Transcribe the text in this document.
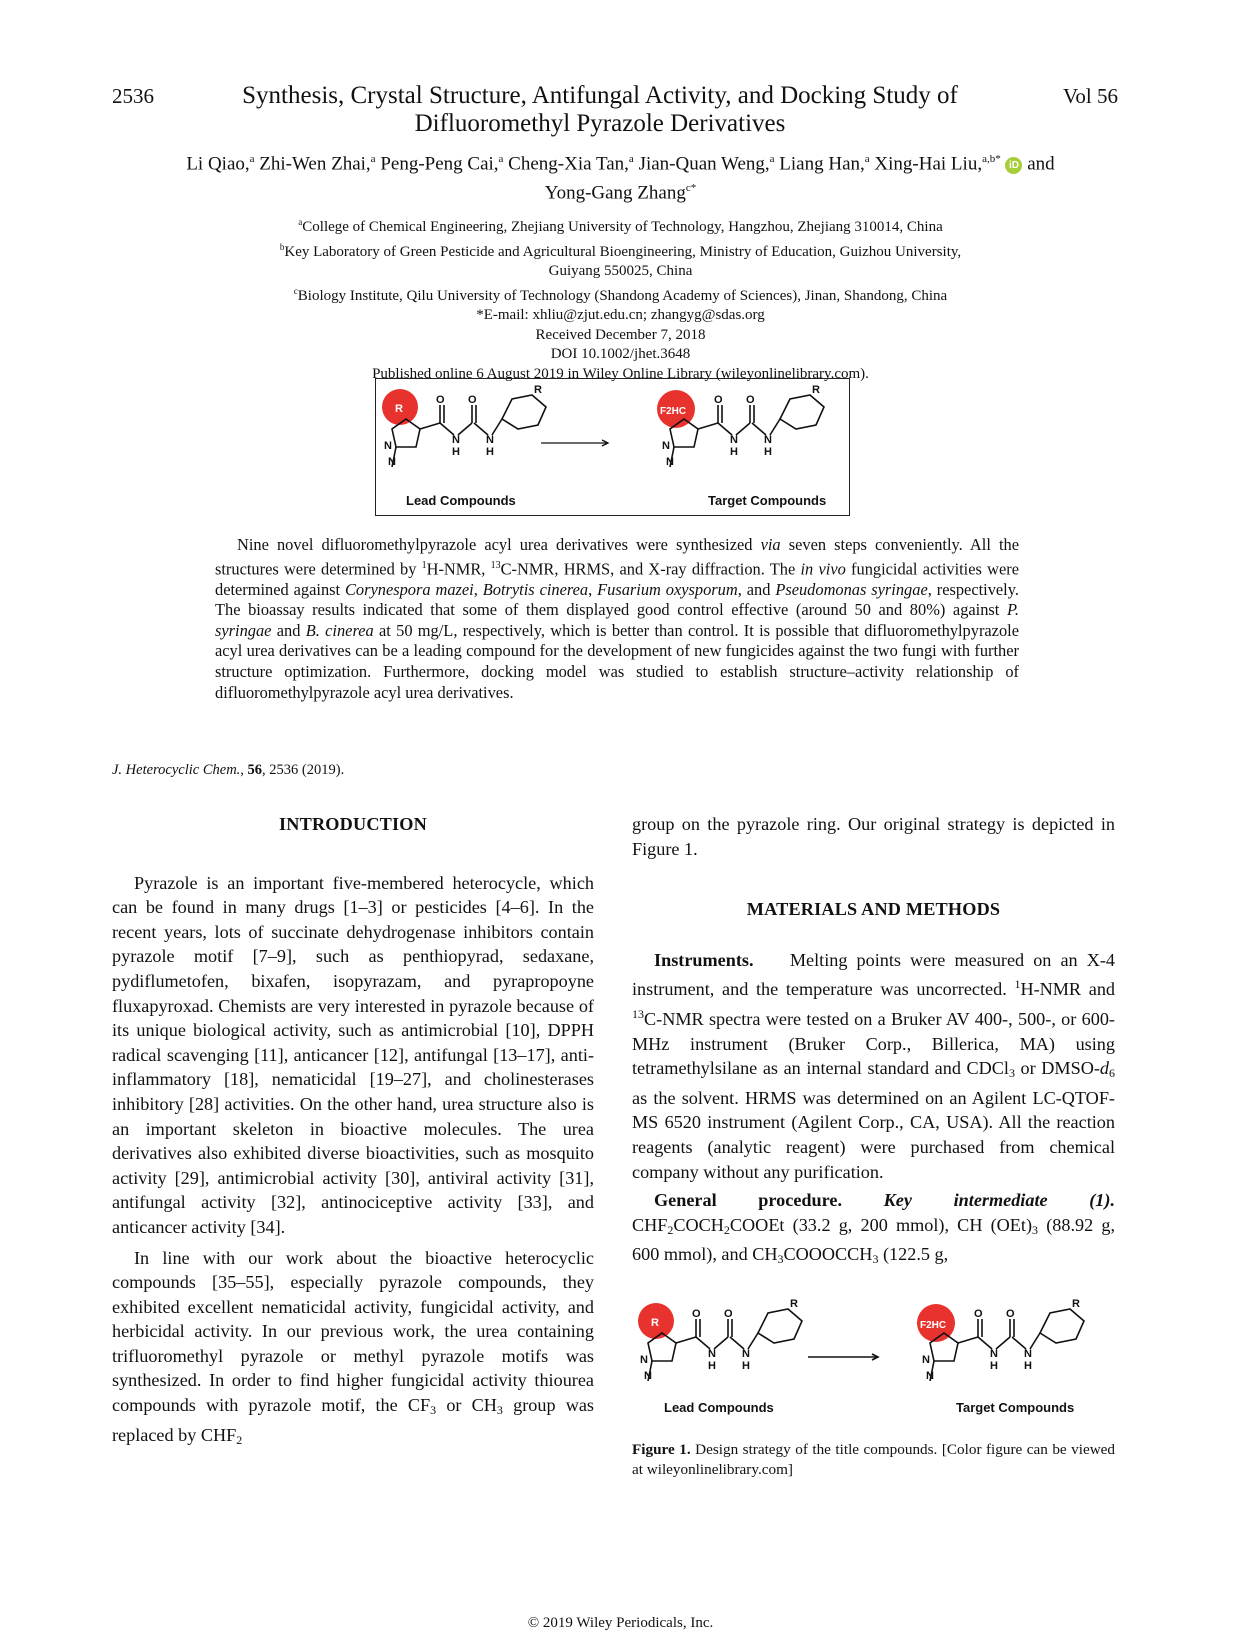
2536	Vol 56
Synthesis, Crystal Structure, Antifungal Activity, and Docking Study of Difluoromethyl Pyrazole Derivatives
Li Qiao,$^a$ Zhi-Wen Zhai,$^a$ Peng-Peng Cai,$^a$ Cheng-Xia Tan,$^a$ Jian-Quan Weng,$^a$ Liang Han,$^a$ Xing-Hai Liu,$^{a,b*}$ iD and
Yong-Gang Zhang$^{c*}$
$^a$College of Chemical Engineering, Zhejiang University of Technology, Hangzhou, Zhejiang 310014, China
$^b$Key Laboratory of Green Pesticide and Agricultural Bioengineering, Ministry of Education, Guizhou University,
Guiyang 550025, China
$^c$Biology Institute, Qilu University of Technology (Shandong Academy of Sciences), Jinan, Shandong, China
*E-mail: xhliu@zjut.edu.cn; zhangyg@sdas.org
Received December 7, 2018
DOI 10.1002/jhet.3648
Published online 6 August 2019 in Wiley Online Library (wileyonlinelibrary.com).
R
R
N
N
O O
N
H
N
H
F2HC
R
N
N
O O
N
H
N
H
Lead Compounds	Target Compounds

Nine novel difluoromethylpyrazole acyl urea derivatives were synthesized via seven steps conveniently. All the structures were determined by $^1$H-NMR, $^{13}$C-NMR, HRMS, and X-ray diffraction. The in vivo fungicidal activities were determined against Corynespora mazei, Botrytis cinerea, Fusarium oxysporum, and Pseudomonas syringae, respectively. The bioassay results indicated that some of them displayed good control effective (around 50 and 80%) against P. syringae and B. cinerea at 50 mg/L, respectively, which is better than control. It is possible that difluoromethylpyrazole acyl urea derivatives can be a leading compound for the development of new fungicides against the two fungi with further structure optimization. Furthermore, docking model was studied to establish structure–activity relationship of difluoromethylpyrazole acyl urea derivatives.

J. Heterocyclic Chem., 56, 2536 (2019).
INTRODUCTION

Pyrazole is an important five-membered heterocycle, which can be found in many drugs [1–3] or pesticides [4–6]. In the recent years, lots of succinate dehydrogenase inhibitors contain pyrazole motif [7–9], such as penthiopyrad, sedaxane, pydiflumetofen, bixafen, isopyrazam, and pyrapropoyne fluxapyroxad. Chemists are very interested in pyrazole because of its unique biological activity, such as antimicrobial [10], DPPH radical scavenging [11], anticancer [12], antifungal [13–17], anti-inflammatory [18], nematicidal [19–27], and cholinesterases inhibitory [28] activities. On the other hand, urea structure also is an important skeleton in bioactive molecules. The urea derivatives also exhibited diverse bioactivities, such as mosquito activity [29], antimicrobial activity [30], antiviral activity [31], antifungal activity [32], antinociceptive activity [33], and anticancer activity [34].

In line with our work about the bioactive heterocyclic compounds [35–55], especially pyrazole compounds, they exhibited excellent nematicidal activity, fungicidal activity, and herbicidal activity. In our previous work, the urea containing trifluoromethyl pyrazole or methyl pyrazole motifs was synthesized. In order to find higher fungicidal activity thiourea compounds with pyrazole motif, the $CF_3$ or $CH_3$ group was replaced by $CHF_2$

group on the pyrazole ring. Our original strategy is depicted in Figure 1.

MATERIALS AND METHODS

Instruments. Melting points were measured on an X-4 instrument, and the temperature was uncorrected. $^1$H-NMR and $^{13}$C-NMR spectra were tested on a Bruker AV 400-, 500-, or 600-MHz instrument (Bruker Corp., Billerica, MA) using tetramethylsilane as an internal standard and CDCl$_3$ or DMSO-$d_6$ as the solvent. HRMS was determined on an Agilent LC-QTOF-MS 6520 instrument (Agilent Corp., CA, USA). All the reaction reagents (analytic reagent) were purchased from chemical company without any purification.

General procedure. Key intermediate (1). $CHF_2COCH_2COOEt$ (33.2 g, 200 mmol), CH $(OEt)_3$ (88.92 g, 600 mmol), and $CH_3COOOCCH_3$ (122.5 g,

R
R
N
N
O O
N
H
N
H
F2HC
R
N
N
O O
N
H
N
H
Lead Compounds	Target Compounds
Figure 1. Design strategy of the title compounds. [Color figure can be viewed at wileyonlinelibrary.com]
© 2019 Wiley Periodicals, Inc.
